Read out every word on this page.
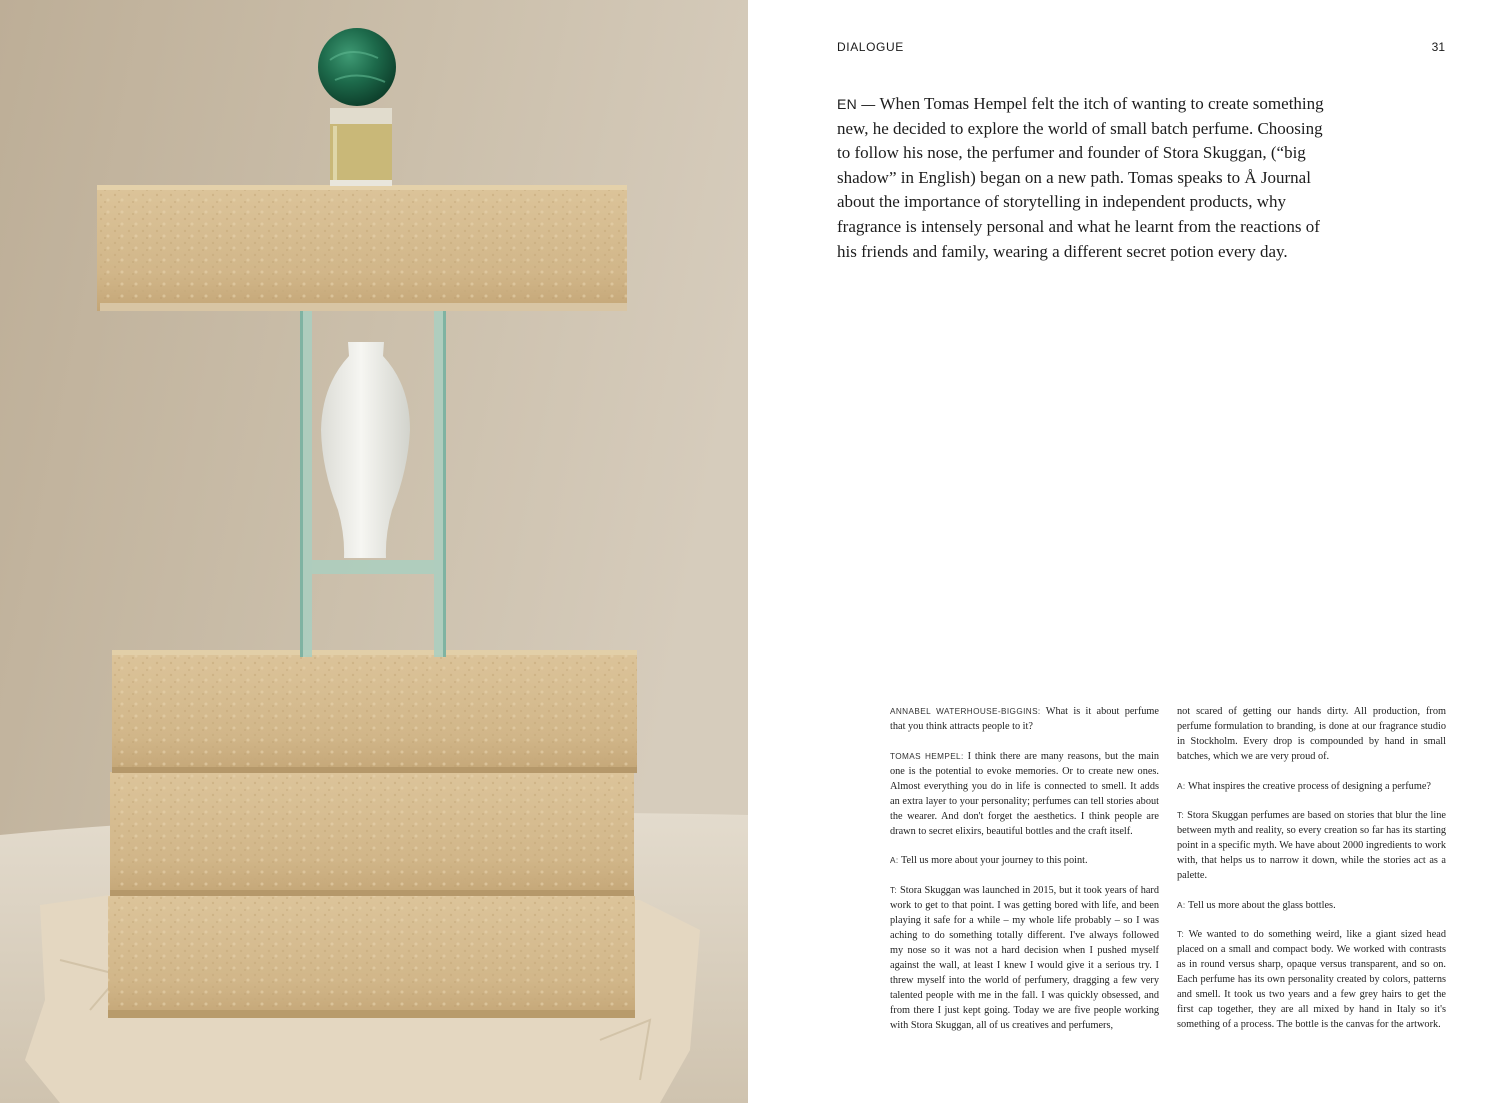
DIALOGUE	31

EN — When Tomas Hempel felt the itch of wanting to create something new, he decided to explore the world of small batch perfume. Choosing to follow his nose, the perfumer and founder of Stora Skuggan, (“big shadow” in English) began on a new path. Tomas speaks to Å Journal about the importance of storytelling in independent products, why fragrance is intensely personal and what he learnt from the reactions of his friends and family, wearing a different secret potion every day.

ANNABEL WATERHOUSE-BIGGINS: What is it about perfume that you think attracts people to it?

TOMAS HEMPEL: I think there are many reasons, but the main one is the potential to evoke memories. Or to create new ones. Almost everything you do in life is connected to smell. It adds an extra layer to your personality; perfumes can tell stories about the wearer. And don't forget the aesthetics. I think people are drawn to secret elixirs, beautiful bottles and the craft itself.

A: Tell us more about your journey to this point.

T: Stora Skuggan was launched in 2015, but it took years of hard work to get to that point. I was getting bored with life, and been playing it safe for a while – my whole life probably – so I was aching to do something totally different. I've always followed my nose so it was not a hard decision when I pushed myself against the wall, at least I knew I would give it a serious try. I threw myself into the world of perfumery, dragging a few very talented people with me in the fall. I was quickly obsessed, and from there I just kept going. Today we are five people working with Stora Skuggan, all of us creatives and perfumers,

not scared of getting our hands dirty. All production, from perfume formulation to branding, is done at our fragrance studio in Stockholm. Every drop is compounded by hand in small batches, which we are very proud of.

A: What inspires the creative process of designing a perfume?

T: Stora Skuggan perfumes are based on stories that blur the line between myth and reality, so every creation so far has its starting point in a specific myth. We have about 2000 ingredients to work with, that helps us to narrow it down, while the stories act as a palette.

A: Tell us more about the glass bottles.

T: We wanted to do something weird, like a giant sized head placed on a small and compact body. We worked with contrasts as in round versus sharp, opaque versus transparent, and so on. Each perfume has its own personality created by colors, patterns and smell. It took us two years and a few grey hairs to get the first cap together, they are all mixed by hand in Italy so it's something of a process. The bottle is the canvas for the artwork.
